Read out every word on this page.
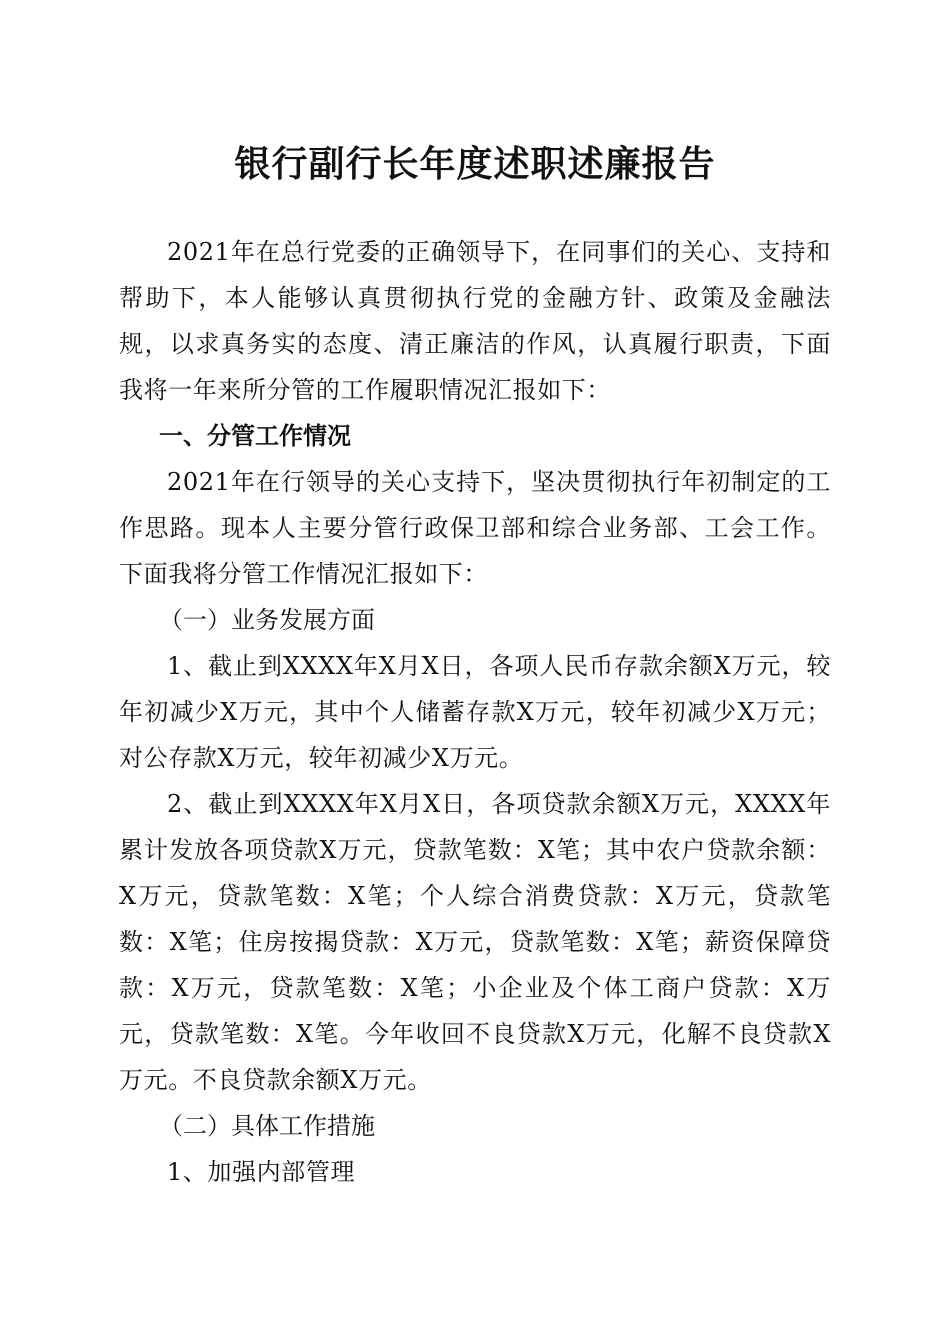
银行副行长年度述职述廉报告

2021年在总行党委的正确领导下，在同事们的关心、支持和帮助下，本人能够认真贯彻执行党的金融方针、政策及金融法规，以求真务实的态度、清正廉洁的作风，认真履行职责，下面我将一年来所分管的工作履职情况汇报如下：

一、分管工作情况

2021年在行领导的关心支持下，坚决贯彻执行年初制定的工作思路。现本人主要分管行政保卫部和综合业务部、工会工作。下面我将分管工作情况汇报如下：

（一）业务发展方面

1、截止到XXXX年X月X日，各项人民币存款余额X万元，较年初减少X万元，其中个人储蓄存款X万元，较年初减少X万元；对公存款X万元，较年初减少X万元。

2、截止到XXXX年X月X日，各项贷款余额X万元，XXXX年累计发放各项贷款X万元，贷款笔数：X笔；其中农户贷款余额：X万元，贷款笔数：X笔；个人综合消费贷款：X万元，贷款笔数：X笔；住房按揭贷款：X万元，贷款笔数：X笔；薪资保障贷款：X万元，贷款笔数：X笔；小企业及个体工商户贷款：X万元，贷款笔数：X笔。今年收回不良贷款X万元，化解不良贷款X万元。不良贷款余额X万元。

（二）具体工作措施

1、加强内部管理
